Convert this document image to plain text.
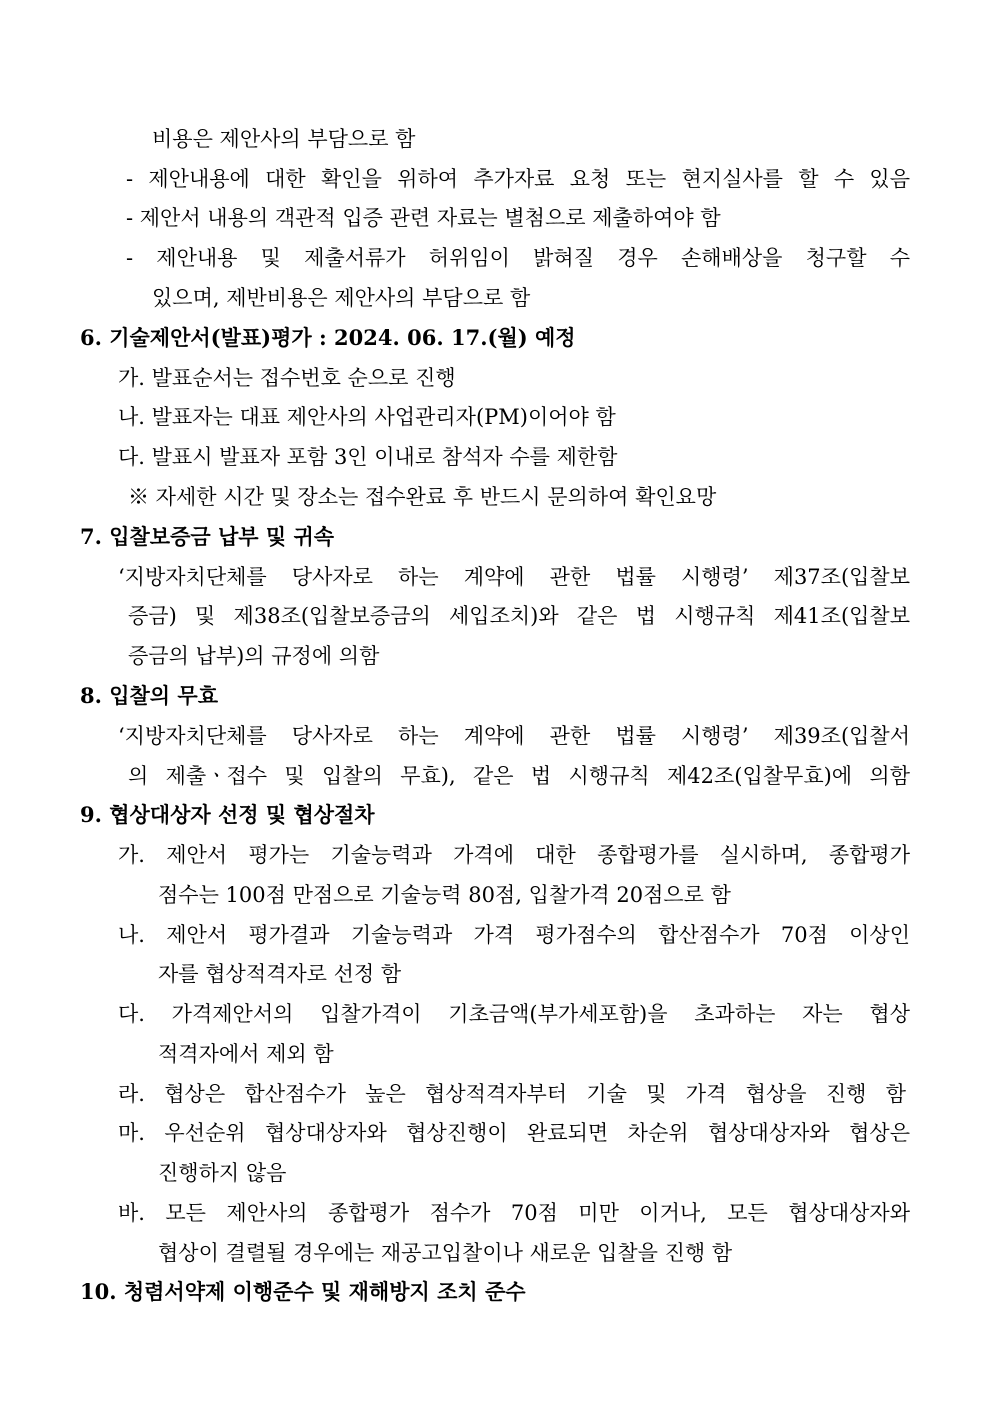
비용은 제안사의 부담으로 함
- 제안내용에 대한 확인을 위하여 추가자료 요청 또는 현지실사를 할 수 있음
- 제안서 내용의 객관적 입증 관련 자료는 별첨으로 제출하여야 함
- 제안내용 및 제출서류가 허위임이 밝혀질 경우 손해배상을 청구할 수
있으며, 제반비용은 제안사의 부담으로 함
6. 기술제안서(발표)평가 : 2024. 06. 17.(월) 예정
가. 발표순서는 접수번호 순으로 진행
나. 발표자는 대표 제안사의 사업관리자(PM)이어야 함
다. 발표시 발표자 포함 3인 이내로 참석자 수를 제한함
※ 자세한 시간 및 장소는 접수완료 후 반드시 문의하여 확인요망
7. 입찰보증금 납부 및 귀속
‘지방자치단체를 당사자로 하는 계약에 관한 법률 시행령’ 제37조(입찰보
증금) 및 제38조(입찰보증금의 세입조치)와 같은 법 시행규칙 제41조(입찰보
증금의 납부)의 규정에 의함
8. 입찰의 무효
‘지방자치단체를 당사자로 하는 계약에 관한 법률 시행령’ 제39조(입찰서
의 제출ㆍ접수 및 입찰의 무효), 같은 법 시행규칙 제42조(입찰무효)에 의함
9. 협상대상자 선정 및 협상절차
가. 제안서 평가는 기술능력과 가격에 대한 종합평가를 실시하며, 종합평가
점수는 100점 만점으로 기술능력 80점, 입찰가격 20점으로 함
나. 제안서 평가결과 기술능력과 가격 평가점수의 합산점수가 70점 이상인
자를 협상적격자로 선정 함
다. 가격제안서의 입찰가격이 기초금액(부가세포함)을 초과하는 자는 협상
적격자에서 제외 함
라. 협상은 합산점수가 높은 협상적격자부터 기술 및 가격 협상을 진행 함
마. 우선순위 협상대상자와 협상진행이 완료되면 차순위 협상대상자와 협상은
진행하지 않음
바. 모든 제안사의 종합평가 점수가 70점 미만 이거나, 모든 협상대상자와
협상이 결렬될 경우에는 재공고입찰이나 새로운 입찰을 진행 함
10. 청렴서약제 이행준수 및 재해방지 조치 준수
